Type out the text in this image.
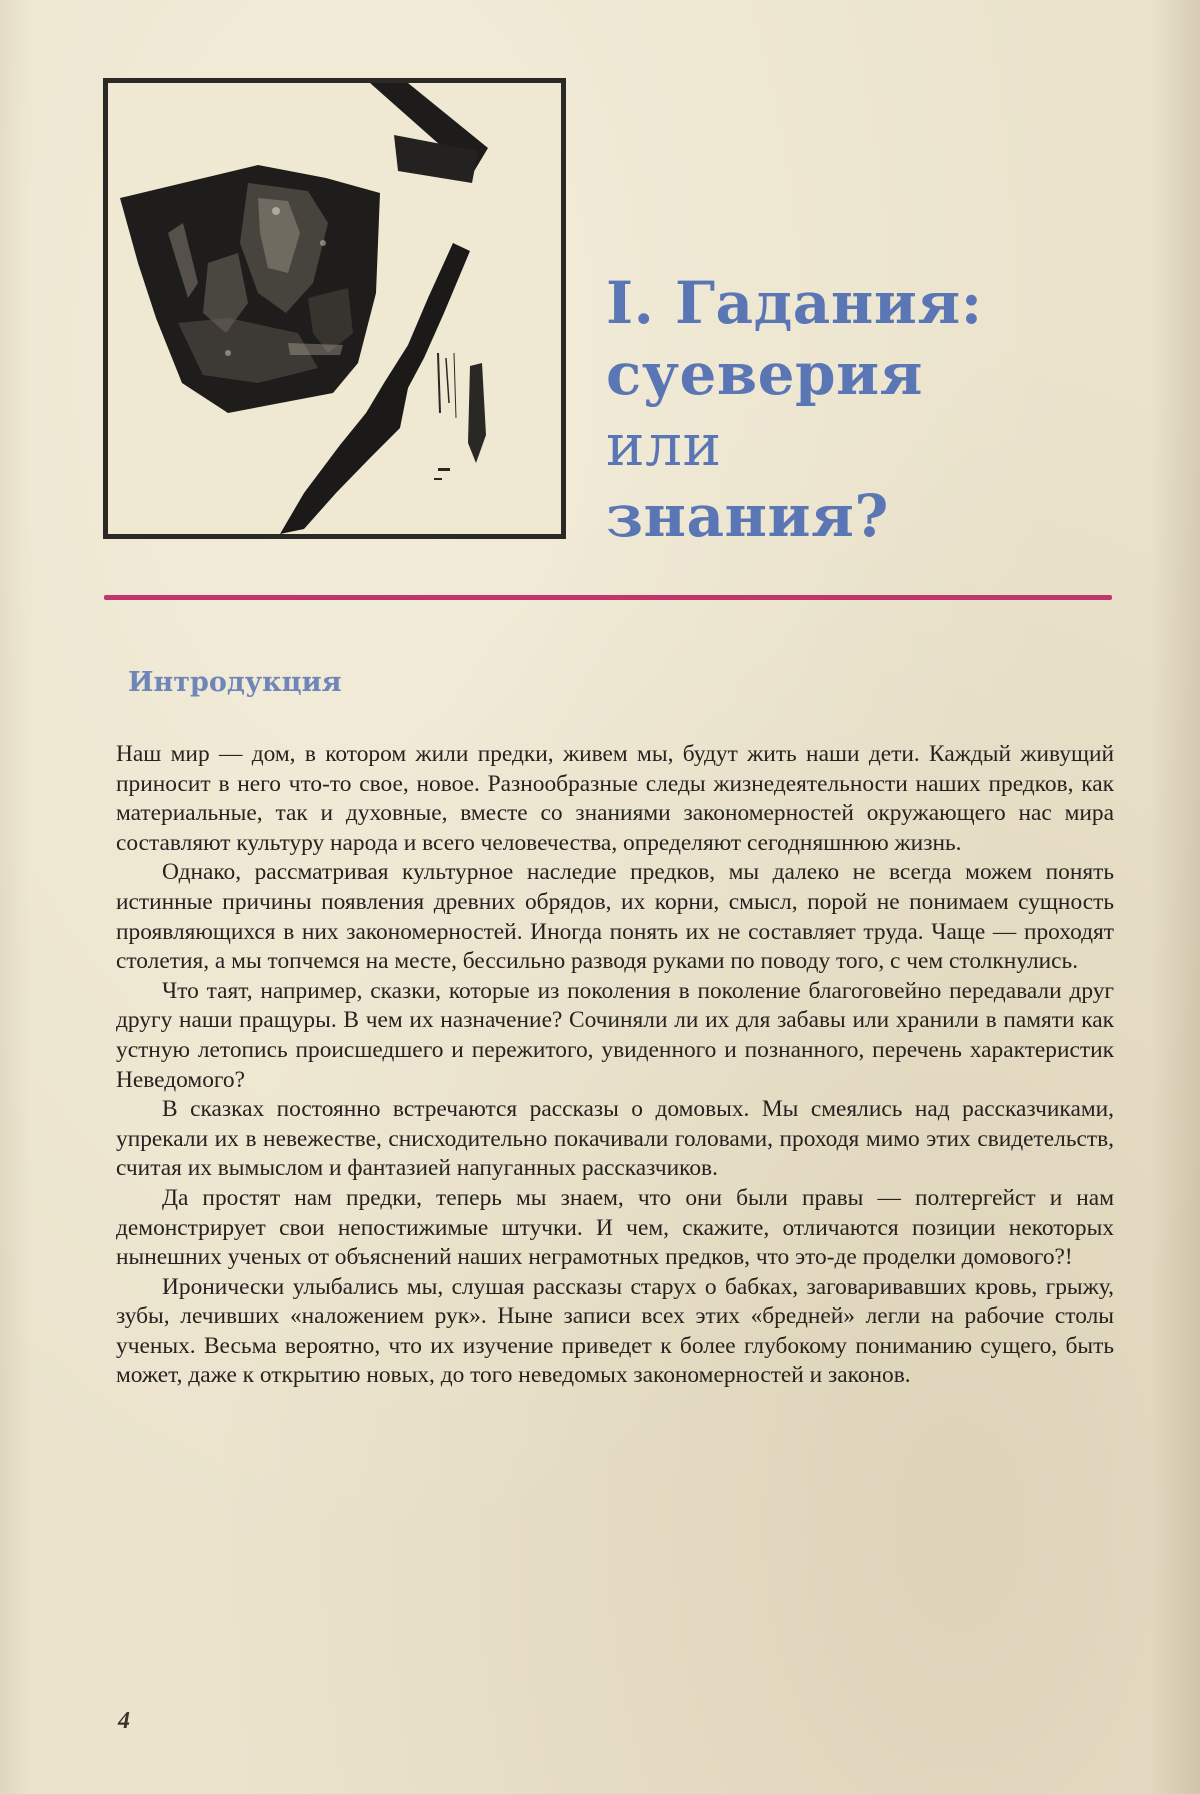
I. Гадания:
суеверия
или
знания?
Интродукция

Наш мир — дом, в котором жили предки, живем мы, будут жить наши дети. Каждый живущий приносит в него что-то свое, новое. Разнообразные следы жизнедеятельности наших предков, как материальные, так и духовные, вместе со знаниями закономерностей окружающего нас мира составляют культуру народа и всего человечества, определяют сегодняшнюю жизнь.

Однако, рассматривая культурное наследие предков, мы далеко не всегда можем понять истинные причины появления древних обрядов, их корни, смысл, порой не понимаем сущность проявляющихся в них закономерностей. Иногда понять их не составляет труда. Чаще — проходят столетия, а мы топчемся на месте, бессильно разводя руками по поводу того, с чем столкнулись.

Что таят, например, сказки, которые из поколения в поколение благоговейно передавали друг другу наши пращуры. В чем их назначение? Сочиняли ли их для забавы или хранили в памяти как устную летопись происшедшего и пережитого, увиденного и познанного, перечень характеристик Неведомого?

В сказках постоянно встречаются рассказы о домовых. Мы смеялись над рассказчиками, упрекали их в невежестве, снисходительно покачивали головами, проходя мимо этих свидетельств, считая их вымыслом и фантазией напуганных рассказчиков.

Да простят нам предки, теперь мы знаем, что они были правы — полтергейст и нам демонстрирует свои непостижимые штучки. И чем, скажите, отличаются позиции некоторых нынешних ученых от объяснений наших неграмотных предков, что это-де проделки домового?!

Иронически улыбались мы, слушая рассказы старух о бабках, заговаривавших кровь, грыжу, зубы, лечивших «наложением рук». Ныне записи всех этих «бредней» легли на рабочие столы ученых. Весьма вероятно, что их изучение приведет к более глубокому пониманию сущего, быть может, даже к открытию новых, до того неведомых закономерностей и законов.

4
